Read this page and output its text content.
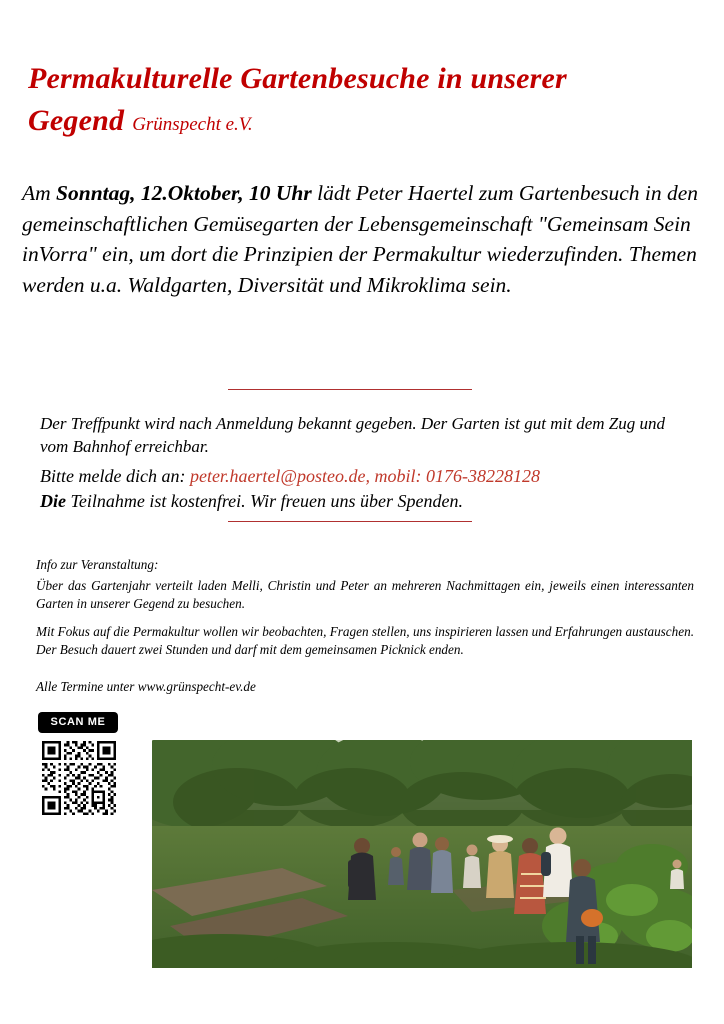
Permakulturelle Gartenbesuche in unserer Gegend Grünspecht e.V.
Am Sonntag, 12.Oktober, 10 Uhr lädt Peter Haertel zum Gartenbesuch in den gemeinschaftlichen Gemüsegarten der Lebensgemeinschaft "Gemeinsam Sein inVorra" ein, um dort die Prinzipien der Permakultur wiederzufinden. Themen werden u.a. Waldgarten, Diversität und Mikroklima sein.
Der Treffpunkt wird nach Anmeldung bekannt gegeben. Der Garten ist gut mit dem Zug und vom Bahnhof erreichbar.
Bitte melde dich an: peter.haertel@posteo.de, mobil: 0176-38228128
Die Teilnahme ist kostenfrei. Wir freuen uns über Spenden.

Info zur Veranstaltung:

Über das Gartenjahr verteilt laden Melli, Christin und Peter an mehreren Nachmittagen ein, jeweils einen interessanten Garten in unserer Gegend zu besuchen.

Mit Fokus auf die Permakultur wollen wir beobachten, Fragen stellen, uns inspirieren lassen und Erfahrungen austauschen. Der Besuch dauert zwei Stunden und darf mit dem gemeinsamen Picknick enden.

Alle Termine unter www.grünspecht-ev.de

SCAN ME
